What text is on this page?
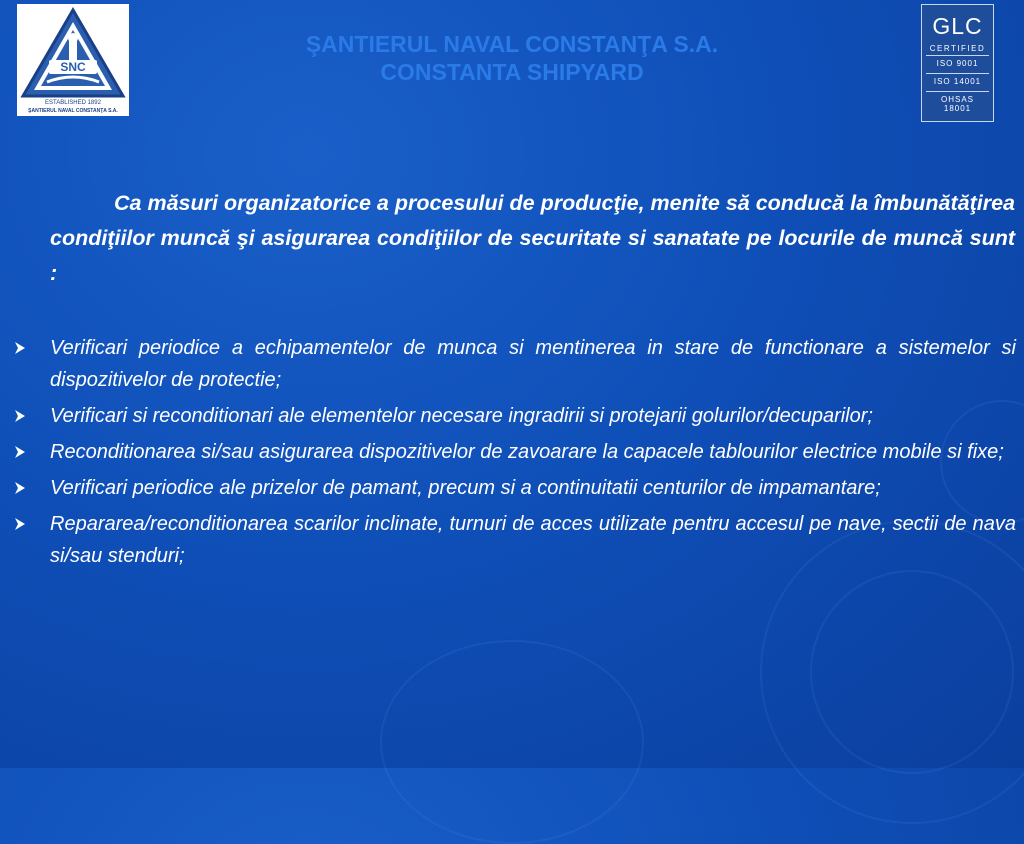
SNC
ESTABLISHED 1892
ŞANTIERUL NAVAL CONSTANŢA S.A.
ŞANTIERUL NAVAL CONSTANŢA S.A.
CONSTANTA SHIPYARD
GLC
CERTIFIED
ISO 9001
ISO 14001
OHSAS 18001
Ca măsuri organizatorice a procesului de producţie, menite să conducă la îmbunătăţirea condiţiilor muncă şi asigurarea condiţiilor de securitate si sanatate pe locurile de muncă sunt :
Verificari periodice a echipamentelor de munca si mentinerea in stare de functionare a sistemelor si dispozitivelor de protectie;
Verificari si reconditionari ale elementelor necesare ingradirii si protejarii golurilor/decuparilor;
Reconditionarea si/sau asigurarea dispozitivelor de zavoarare la capacele tablourilor electrice mobile si fixe;
Verificari periodice ale prizelor de pamant, precum si a continuitatii centurilor de impamantare;
Repararea/reconditionarea scarilor inclinate, turnuri de acces utilizate pentru accesul pe nave, sectii de nava si/sau stenduri;
